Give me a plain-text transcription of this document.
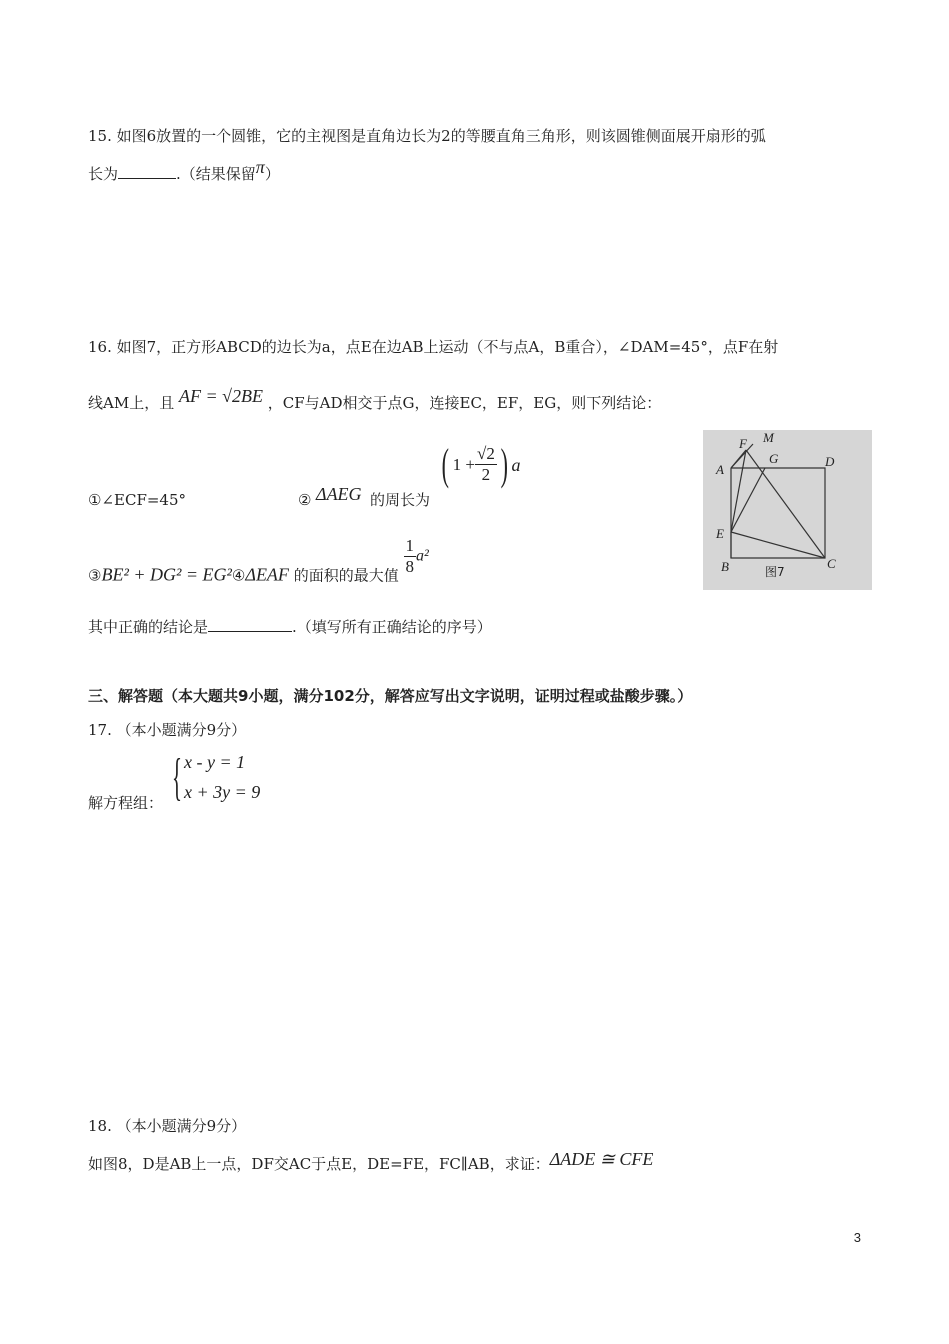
15. 如图6放置的一个圆锥，它的主视图是直角边长为2的等腰直角三角形，则该圆锥侧面展开扇形的弧
长为	.（结果保留π）
16. 如图7，正方形ABCD的边长为a，点E在边AB上运动（不与点A，B重合），∠DAM=45°，点F在射
线AM上，且 AF = √2BE ，CF与AD相交于点G，连接EC，EF，EG，则下列结论：
①∠ECF=45°	② ΔAEG 的周长为
( $1 + \frac{√2}{2}$ ) a
③BE² + DG² = EG²④ΔEAF 的面积的最大值 $\frac{1}{8} a^2$
F M
A
G	D
E
B	C
图7
其中正确的结论是	.（填写所有正确结论的序号）
三、解答题（本大题共9小题，满分102分，解答应写出文字说明，证明过程或盐酸步骤。）
17. （本小题满分9分）
解方程组： { x - y = 1
x + 3y = 9
18. （本小题满分9分）
如图8，D是AB上一点，DF交AC于点E，DE=FE，FC∥AB，求证：ΔADE ≅ CFE
3
